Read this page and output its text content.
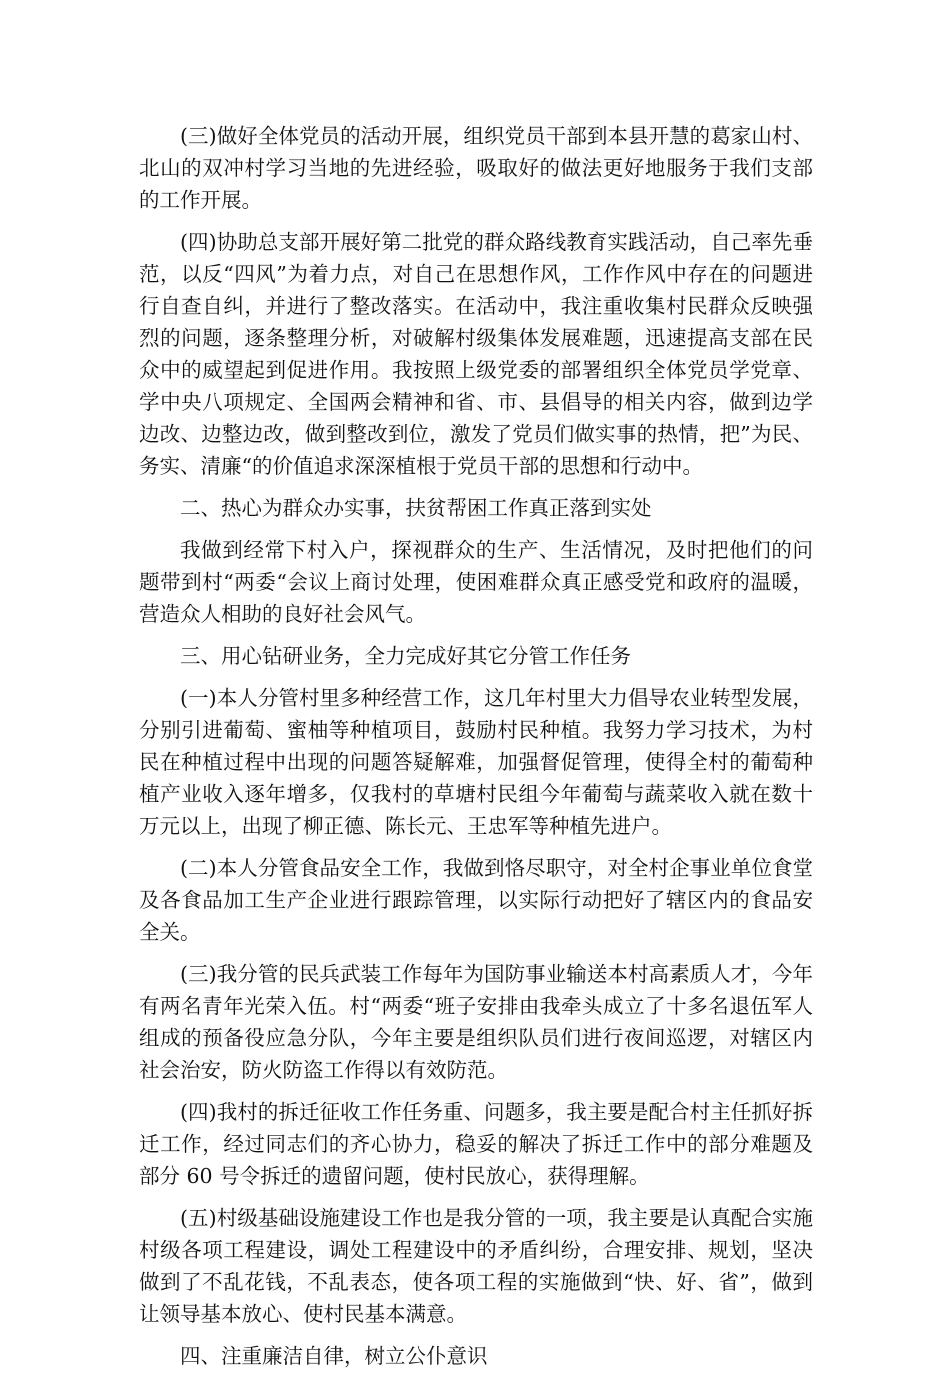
(三)做好全体党员的活动开展，组织党员干部到本县开慧的葛家山村、北山的双冲村学习当地的先进经验，吸取好的做法更好地服务于我们支部的工作开展。

(四)协助总支部开展好第二批党的群众路线教育实践活动，自己率先垂范，以反“四风”为着力点，对自己在思想作风，工作作风中存在的问题进行自查自纠，并进行了整改落实。在活动中，我注重收集村民群众反映强烈的问题，逐条整理分析，对破解村级集体发展难题，迅速提高支部在民众中的威望起到促进作用。我按照上级党委的部署组织全体党员学党章、学中央八项规定、全国两会精神和省、市、县倡导的相关内容，做到边学边改、边整边改，做到整改到位，激发了党员们做实事的热情，把”为民、务实、清廉“的价值追求深深植根于党员干部的思想和行动中。

二、热心为群众办实事，扶贫帮困工作真正落到实处

我做到经常下村入户，探视群众的生产、生活情况，及时把他们的问题带到村“两委“会议上商讨处理，使困难群众真正感受党和政府的温暖，营造众人相助的良好社会风气。

三、用心钻研业务，全力完成好其它分管工作任务

(一)本人分管村里多种经营工作，这几年村里大力倡导农业转型发展，分别引进葡萄、蜜柚等种植项目，鼓励村民种植。我努力学习技术，为村民在种植过程中出现的问题答疑解难，加强督促管理，使得全村的葡萄种植产业收入逐年增多，仅我村的草塘村民组今年葡萄与蔬菜收入就在数十万元以上，出现了柳正德、陈长元、王忠军等种植先进户。

(二)本人分管食品安全工作，我做到恪尽职守，对全村企事业单位食堂及各食品加工生产企业进行跟踪管理，以实际行动把好了辖区内的食品安全关。

(三)我分管的民兵武装工作每年为国防事业输送本村高素质人才，今年有两名青年光荣入伍。村“两委“班子安排由我牵头成立了十多名退伍军人组成的预备役应急分队，今年主要是组织队员们进行夜间巡逻，对辖区内社会治安，防火防盗工作得以有效防范。

(四)我村的拆迁征收工作任务重、问题多，我主要是配合村主任抓好拆迁工作，经过同志们的齐心协力，稳妥的解决了拆迁工作中的部分难题及部分 60 号令拆迁的遗留问题，使村民放心，获得理解。

(五)村级基础设施建设工作也是我分管的一项，我主要是认真配合实施村级各项工程建设，调处工程建设中的矛盾纠纷，合理安排、规划，坚决做到了不乱花钱，不乱表态，使各项工程的实施做到“快、好、省”，做到让领导基本放心、使村民基本满意。

四、注重廉洁自律，树立公仆意识
